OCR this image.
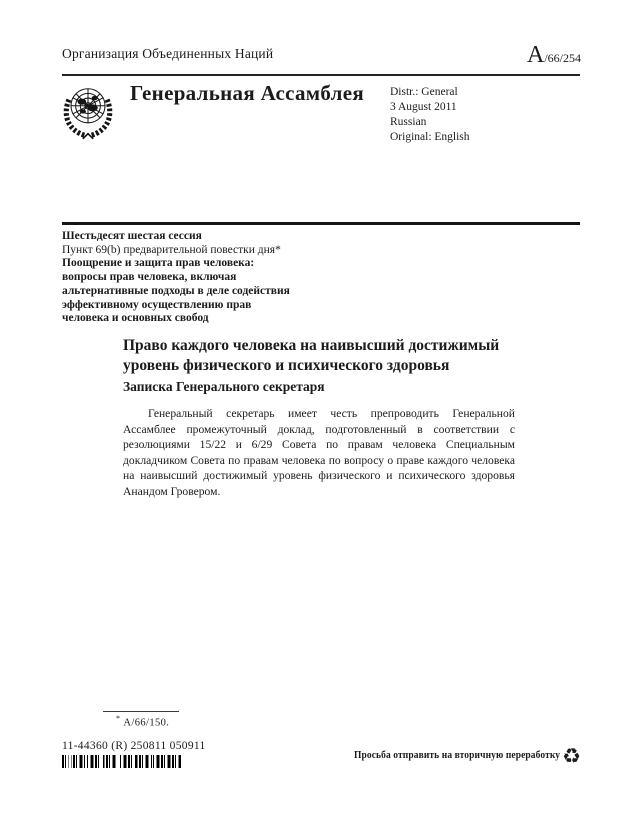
Организация Объединенных Наций	A /66/254
Генеральная Ассамблея Distr.: General
3 August 2011
Russian
Original: English
Шестьдесят шестая сессия
Пункт 69(b) предварительной повестки дня*
Поощрение и защита прав человека:
вопросы прав человека, включая
альтернативные подходы в деле содействия
эффективному осуществлению прав
человека и основных свобод
Право каждого человека на наивысший достижимый уровень физического и психического здоровья
Записка Генерального секретаря
Генеральный секретарь имеет честь препроводить Генеральной Ассамблее промежуточный доклад, подготовленный в соответствии с резолюциями 15/22 и 6/29 Совета по правам человека Специальным докладчиком Совета по правам человека по вопросу о праве каждого человека на наивысший достижимый уровень физического и психического здоровья Анандом Гровером.
* A/66/150.
11-44360 (R) 250811 050911
Просьба отправить на вторичную переработку ♻
